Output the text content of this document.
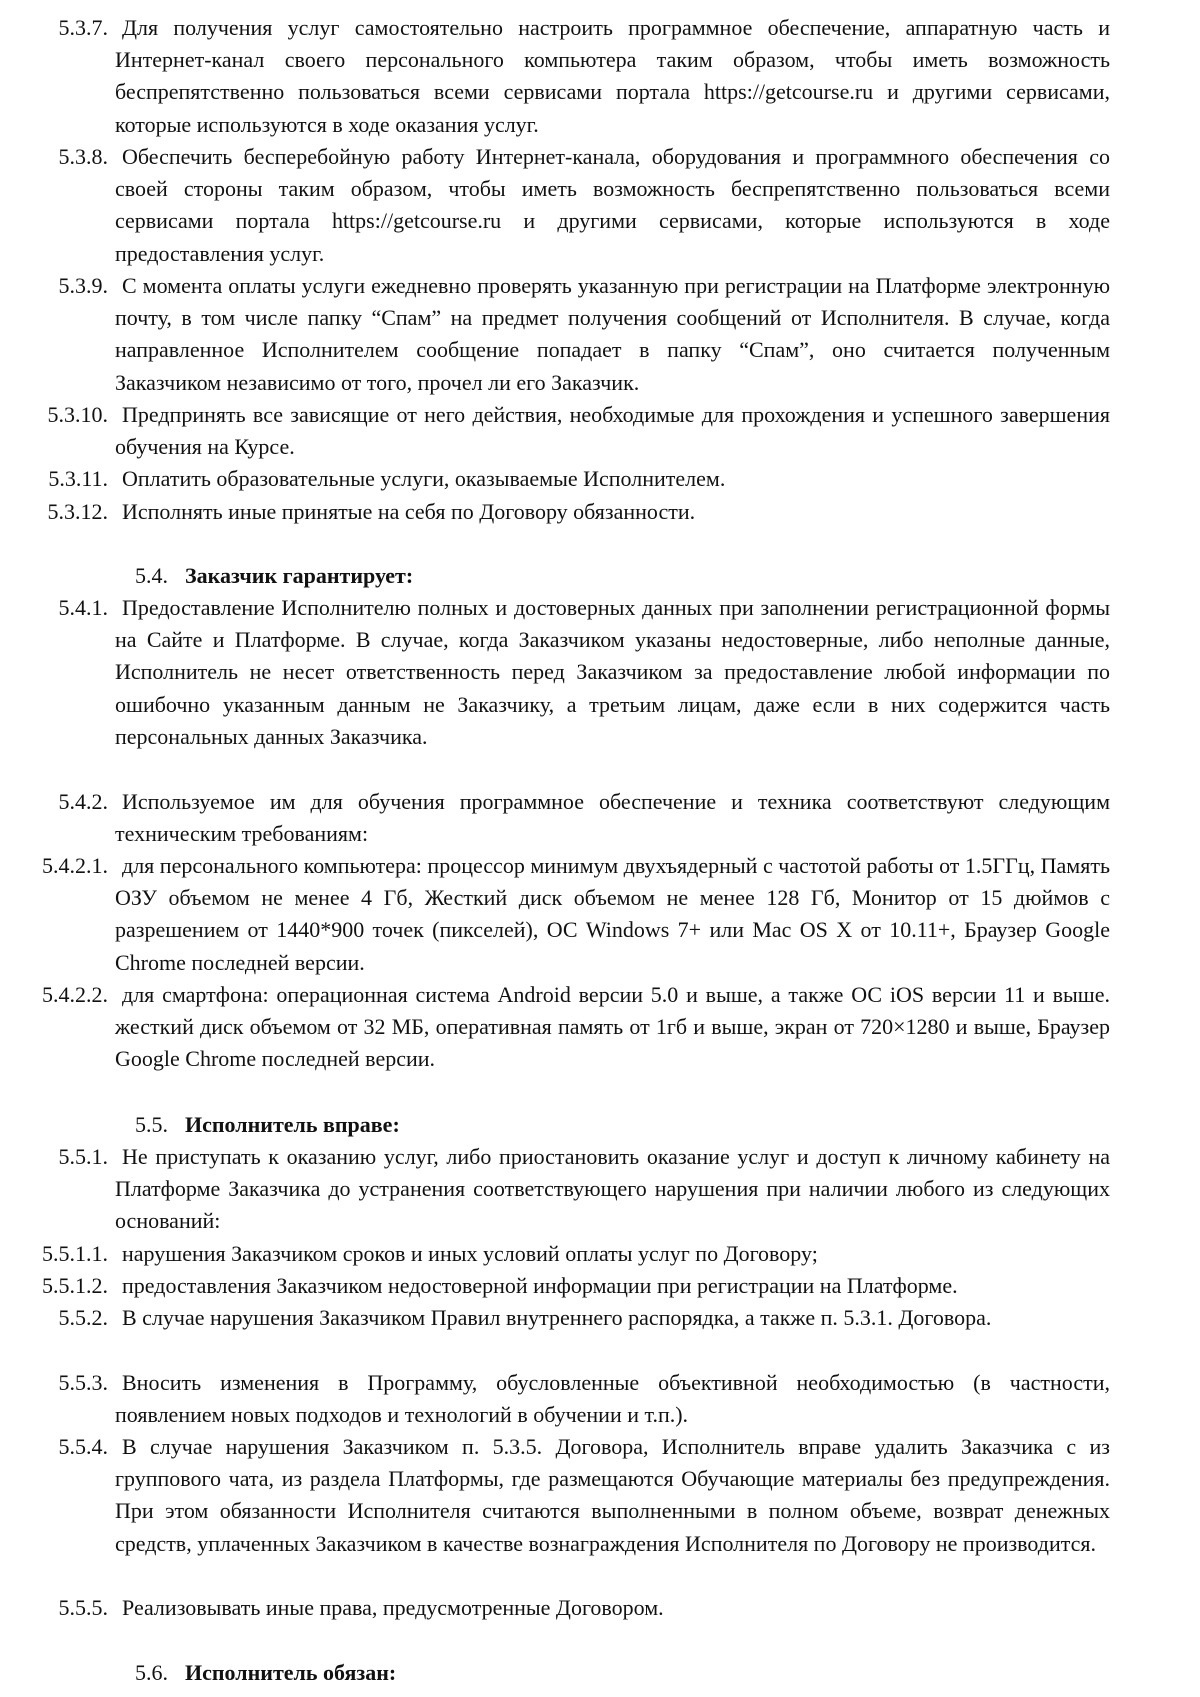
5.3.7. Для получения услуг самостоятельно настроить программное обеспечение, аппаратную часть и Интернет-канал своего персонального компьютера таким образом, чтобы иметь возможность беспрепятственно пользоваться всеми сервисами портала https://getcourse.ru и другими сервисами, которые используются в ходе оказания услуг.

5.3.8. Обеспечить бесперебойную работу Интернет-канала, оборудования и программного обеспечения со своей стороны таким образом, чтобы иметь возможность беспрепятственно пользоваться всеми сервисами портала https://getcourse.ru и другими сервисами, которые используются в ходе предоставления услуг.

5.3.9. С момента оплаты услуги ежедневно проверять указанную при регистрации на Платформе электронную почту, в том числе папку “Спам” на предмет получения сообщений от Исполнителя. В случае, когда направленное Исполнителем сообщение попадает в папку “Спам”, оно считается полученным Заказчиком независимо от того, прочел ли его Заказчик.

5.3.10. Предпринять все зависящие от него действия, необходимые для прохождения и успешного завершения обучения на Курсе.

5.3.11. Оплатить образовательные услуги, оказываемые Исполнителем.

5.3.12. Исполнять иные принятые на себя по Договору обязанности.

5.4. Заказчик гарантирует:

5.4.1. Предоставление Исполнителю полных и достоверных данных при заполнении регистрационной формы на Сайте и Платформе. В случае, когда Заказчиком указаны недостоверные, либо неполные данные, Исполнитель не несет ответственность перед Заказчиком за предоставление любой информации по ошибочно указанным данным не Заказчику, а третьим лицам, даже если в них содержится часть персональных данных Заказчика.

5.4.2. Используемое им для обучения программное обеспечение и техника соответствуют следующим техническим требованиям:

5.4.2.1. для персонального компьютера: процессор минимум двухъядерный с частотой работы от 1.5ГГц, Память ОЗУ объемом не менее 4 Гб, Жесткий диск объемом не менее 128 Гб, Монитор от 15 дюймов с разрешением от 1440*900 точек (пикселей), ОС Windows 7+ или Mac OS X от 10.11+, Браузер Google Chrome последней версии.

5.4.2.2. для смартфона: операционная система Android версии 5.0 и выше, а также ОС iOS версии 11 и выше. жесткий диск объемом от 32 МБ, оперативная память от 1гб и выше, экран от 720×1280 и выше, Браузер Google Chrome последней версии.

5.5. Исполнитель вправе:

5.5.1. Не приступать к оказанию услуг, либо приостановить оказание услуг и доступ к личному кабинету на Платформе Заказчика до устранения соответствующего нарушения при наличии любого из следующих оснований:

5.5.1.1. нарушения Заказчиком сроков и иных условий оплаты услуг по Договору;

5.5.1.2. предоставления Заказчиком недостоверной информации при регистрации на Платформе.

5.5.2. В случае нарушения Заказчиком Правил внутреннего распорядка, а также п. 5.3.1. Договора.

5.5.3. Вносить изменения в Программу, обусловленные объективной необходимостью (в частности, появлением новых подходов и технологий в обучении и т.п.).

5.5.4. В случае нарушения Заказчиком п. 5.3.5. Договора, Исполнитель вправе удалить Заказчика с из группового чата, из раздела Платформы, где размещаются Обучающие материалы без предупреждения. При этом обязанности Исполнителя считаются выполненными в полном объеме, возврат денежных средств, уплаченных Заказчиком в качестве вознаграждения Исполнителя по Договору не производится.

5.5.5. Реализовывать иные права, предусмотренные Договором.

5.6. Исполнитель обязан:
